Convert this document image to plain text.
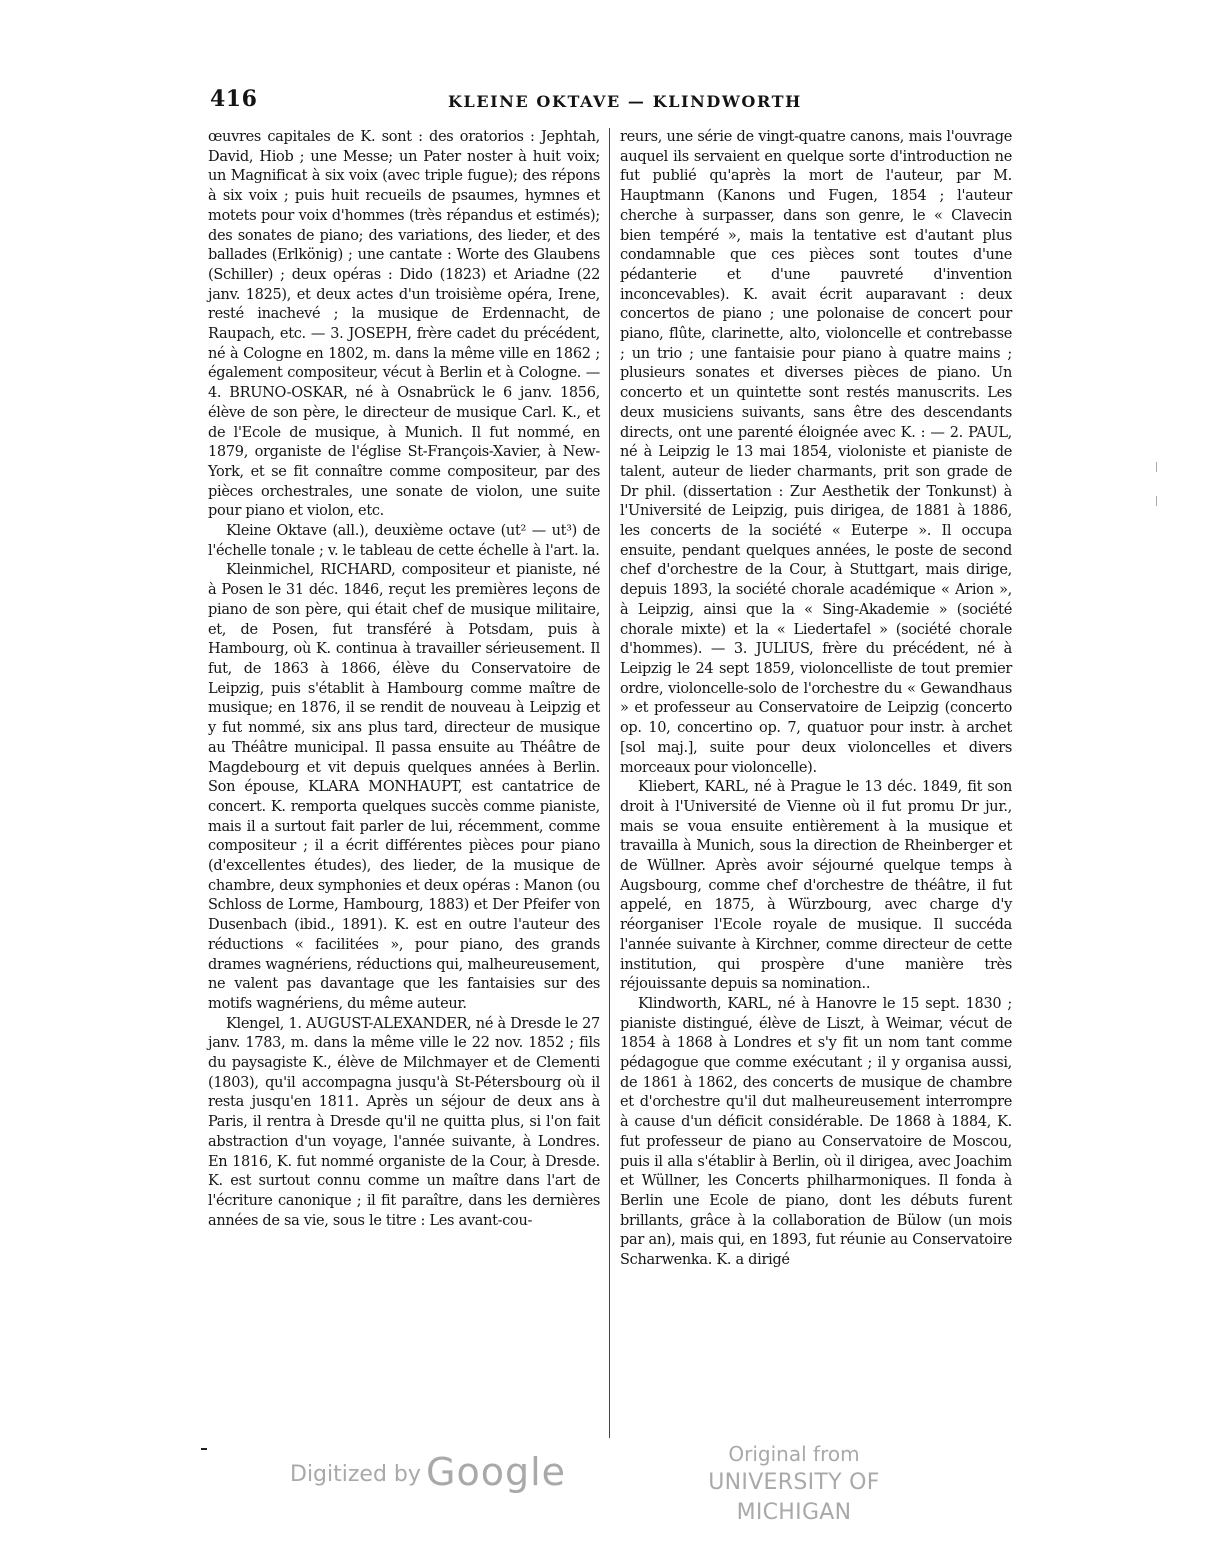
416	KLEINE OKTAVE — KLINDWORTH

œuvres capitales de K. sont : des oratorios : Jephtah, David, Hiob ; une Messe; un Pater noster à huit voix; un Magnificat à six voix (avec triple fugue); des répons à six voix ; puis huit recueils de psaumes, hymnes et motets pour voix d'hommes (très répandus et estimés); des sonates de piano; des variations, des lieder, et des ballades (Erlkönig) ; une cantate : Worte des Glaubens (Schiller) ; deux opéras : Dido (1823) et Ariadne (22 janv. 1825), et deux actes d'un troisième opéra, Irene, resté inachevé ; la musique de Erdennacht, de Raupach, etc. — 3. JOSEPH, frère cadet du précédent, né à Cologne en 1802, m. dans la même ville en 1862 ; également compositeur, vécut à Berlin et à Cologne. — 4. BRUNO-OSKAR, né à Osnabrück le 6 janv. 1856, élève de son père, le directeur de musique Carl. K., et de l'Ecole de musique, à Munich. Il fut nommé, en 1879, organiste de l'église St-François-Xavier, à New-York, et se fit connaître comme compositeur, par des pièces orchestrales, une sonate de violon, une suite pour piano et violon, etc.

Kleine Oktave (all.), deuxième octave (ut² — ut³) de l'échelle tonale ; v. le tableau de cette échelle à l'art. la.

Kleinmichel, RICHARD, compositeur et pianiste, né à Posen le 31 déc. 1846, reçut les premières leçons de piano de son père, qui était chef de musique militaire, et, de Posen, fut transféré à Potsdam, puis à Hambourg, où K. continua à travailler sérieusement. Il fut, de 1863 à 1866, élève du Conservatoire de Leipzig, puis s'établit à Hambourg comme maître de musique; en 1876, il se rendit de nouveau à Leipzig et y fut nommé, six ans plus tard, directeur de musique au Théâtre municipal. Il passa ensuite au Théâtre de Magdebourg et vit depuis quelques années à Berlin. Son épouse, KLARA MONHAUPT, est cantatrice de concert. K. remporta quelques succès comme pianiste, mais il a surtout fait parler de lui, récemment, comme compositeur ; il a écrit différentes pièces pour piano (d'excellentes études), des lieder, de la musique de chambre, deux symphonies et deux opéras : Manon (ou Schloss de Lorme, Hambourg, 1883) et Der Pfeifer von Dusenbach (ibid., 1891). K. est en outre l'auteur des réductions « facilitées », pour piano, des grands drames wagnériens, réductions qui, malheureusement, ne valent pas davantage que les fantaisies sur des motifs wagnériens, du même auteur.

Klengel, 1. AUGUST-ALEXANDER, né à Dresde le 27 janv. 1783, m. dans la même ville le 22 nov. 1852 ; fils du paysagiste K., élève de Milchmayer et de Clementi (1803), qu'il accompagna jusqu'à St-Pétersbourg où il resta jusqu'en 1811. Après un séjour de deux ans à Paris, il rentra à Dresde qu'il ne quitta plus, si l'on fait abstraction d'un voyage, l'année suivante, à Londres. En 1816, K. fut nommé organiste de la Cour, à Dresde. K. est surtout connu comme un maître dans l'art de l'écriture canonique ; il fit paraître, dans les dernières années de sa vie, sous le titre : Les avant-cou-

reurs, une série de vingt-quatre canons, mais l'ouvrage auquel ils servaient en quelque sorte d'introduction ne fut publié qu'après la mort de l'auteur, par M. Hauptmann (Kanons und Fugen, 1854 ; l'auteur cherche à surpasser, dans son genre, le « Clavecin bien tempéré », mais la tentative est d'autant plus condamnable que ces pièces sont toutes d'une pédanterie et d'une pauvreté d'invention inconcevables). K. avait écrit auparavant : deux concertos de piano ; une polonaise de concert pour piano, flûte, clarinette, alto, violoncelle et contrebasse ; un trio ; une fantaisie pour piano à quatre mains ; plusieurs sonates et diverses pièces de piano. Un concerto et un quintette sont restés manuscrits. Les deux musiciens suivants, sans être des descendants directs, ont une parenté éloignée avec K. : — 2. PAUL, né à Leipzig le 13 mai 1854, violoniste et pianiste de talent, auteur de lieder charmants, prit son grade de Dr phil. (dissertation : Zur Aesthetik der Tonkunst) à l'Université de Leipzig, puis dirigea, de 1881 à 1886, les concerts de la société « Euterpe ». Il occupa ensuite, pendant quelques années, le poste de second chef d'orchestre de la Cour, à Stuttgart, mais dirige, depuis 1893, la société chorale académique « Arion », à Leipzig, ainsi que la « Sing-Akademie » (société chorale mixte) et la « Liedertafel » (société chorale d'hommes). — 3. JULIUS, frère du précédent, né à Leipzig le 24 sept 1859, violoncelliste de tout premier ordre, violoncelle-solo de l'orchestre du « Gewandhaus » et professeur au Conservatoire de Leipzig (concerto op. 10, concertino op. 7, quatuor pour instr. à archet [sol maj.], suite pour deux violoncelles et divers morceaux pour violoncelle).

Kliebert, KARL, né à Prague le 13 déc. 1849, fit son droit à l'Université de Vienne où il fut promu Dr jur., mais se voua ensuite entièrement à la musique et travailla à Munich, sous la direction de Rheinberger et de Wüllner. Après avoir séjourné quelque temps à Augsbourg, comme chef d'orchestre de théâtre, il fut appelé, en 1875, à Würzbourg, avec charge d'y réorganiser l'Ecole royale de musique. Il succéda l'année suivante à Kirchner, comme directeur de cette institution, qui prospère d'une manière très réjouissante depuis sa nomination..

Klindworth, KARL, né à Hanovre le 15 sept. 1830 ; pianiste distingué, élève de Liszt, à Weimar, vécut de 1854 à 1868 à Londres et s'y fit un nom tant comme pédagogue que comme exécutant ; il y organisa aussi, de 1861 à 1862, des concerts de musique de chambre et d'orchestre qu'il dut malheureusement interrompre à cause d'un déficit considérable. De 1868 à 1884, K. fut professeur de piano au Conservatoire de Moscou, puis il alla s'établir à Berlin, où il dirigea, avec Joachim et Wüllner, les Concerts philharmoniques. Il fonda à Berlin une Ecole de piano, dont les débuts furent brillants, grâce à la collaboration de Bülow (un mois par an), mais qui, en 1893, fut réunie au Conservatoire Scharwenka. K. a dirigé

Digitized by Google	Original from
UNIVERSITY OF MICHIGAN
